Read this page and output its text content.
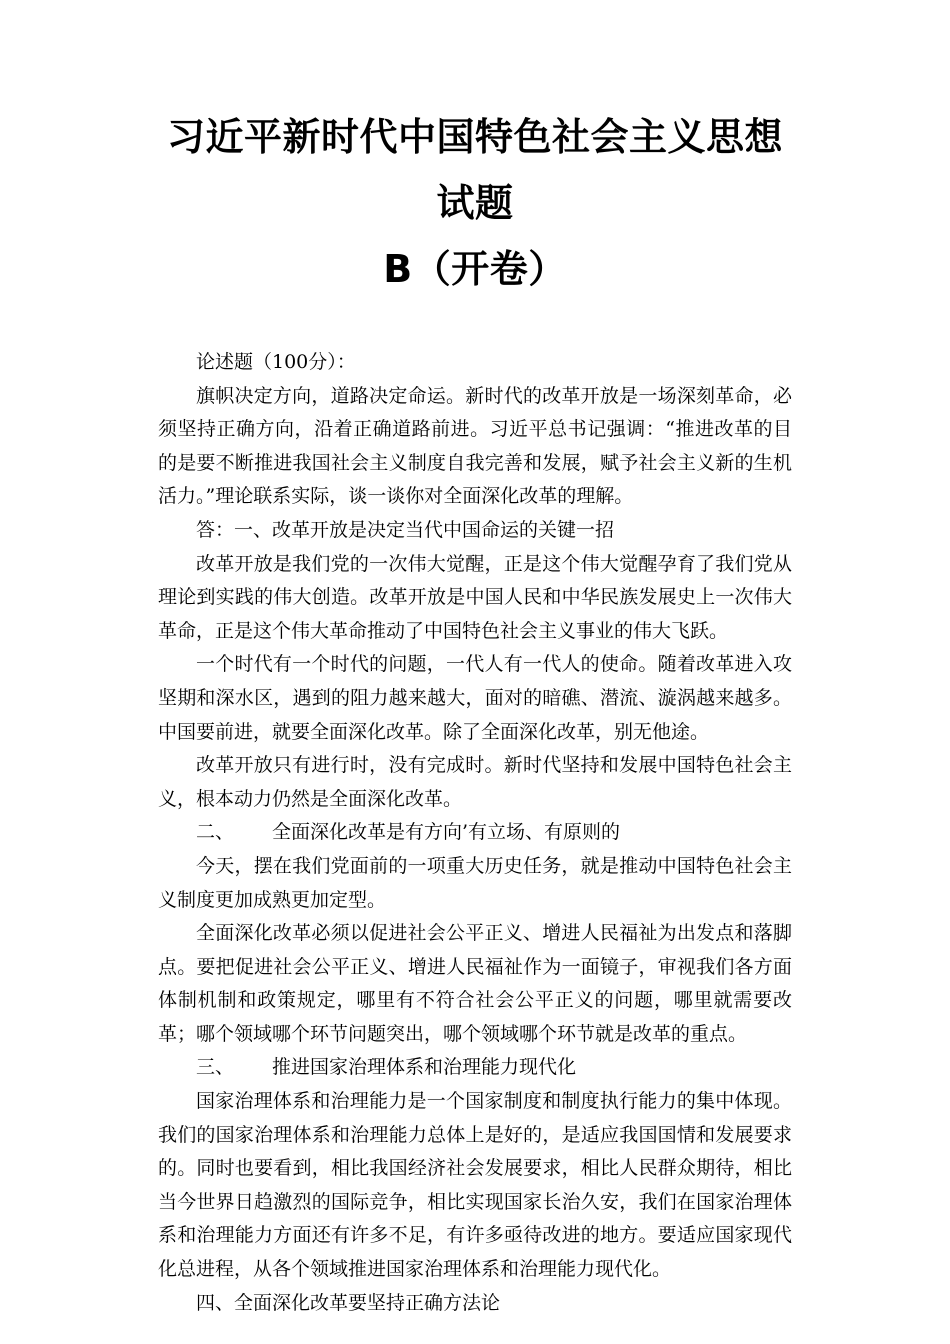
习近平新时代中国特色社会主义思想试题
B（开卷）

论述题（100分）：

旗帜决定方向，道路决定命运。新时代的改革开放是一场深刻革命，必须坚持正确方向，沿着正确道路前进。习近平总书记强调：“推进改革的目的是要不断推进我国社会主义制度自我完善和发展，赋予社会主义新的生机活力。”理论联系实际，谈一谈你对全面深化改革的理解。

答：一、改革开放是决定当代中国命运的关键一招

改革开放是我们党的一次伟大觉醒，正是这个伟大觉醒孕育了我们党从理论到实践的伟大创造。改革开放是中国人民和中华民族发展史上一次伟大革命，正是这个伟大革命推动了中国特色社会主义事业的伟大飞跃。

一个时代有一个时代的问题，一代人有一代人的使命。随着改革进入攻坚期和深水区，遇到的阻力越来越大，面对的暗礁、潜流、漩涡越来越多。中国要前进，就要全面深化改革。除了全面深化改革，别无他途。

改革开放只有进行时，没有完成时。新时代坚持和发展中国特色社会主义，根本动力仍然是全面深化改革。

二、 全面深化改革是有方向’有立场、有原则的

今天，摆在我们党面前的一项重大历史任务，就是推动中国特色社会主义制度更加成熟更加定型。

全面深化改革必须以促进社会公平正义、增进人民福祉为出发点和落脚点。要把促进社会公平正义、增进人民福祉作为一面镜子，审视我们各方面体制机制和政策规定，哪里有不符合社会公平正义的问题，哪里就需要改革；哪个领域哪个环节问题突出，哪个领域哪个环节就是改革的重点。

三、 推进国家治理体系和治理能力现代化

国家治理体系和治理能力是一个国家制度和制度执行能力的集中体现。我们的国家治理体系和治理能力总体上是好的，是适应我国国情和发展要求的。同时也要看到，相比我国经济社会发展要求，相比人民群众期待，相比当今世界日趋激烈的国际竞争，相比实现国家长治久安，我们在国家治理体系和治理能力方面还有许多不足，有许多亟待改进的地方。要适应国家现代化总进程，从各个领域推进国家治理体系和治理能力现代化。

四、全面深化改革要坚持正确方法论
